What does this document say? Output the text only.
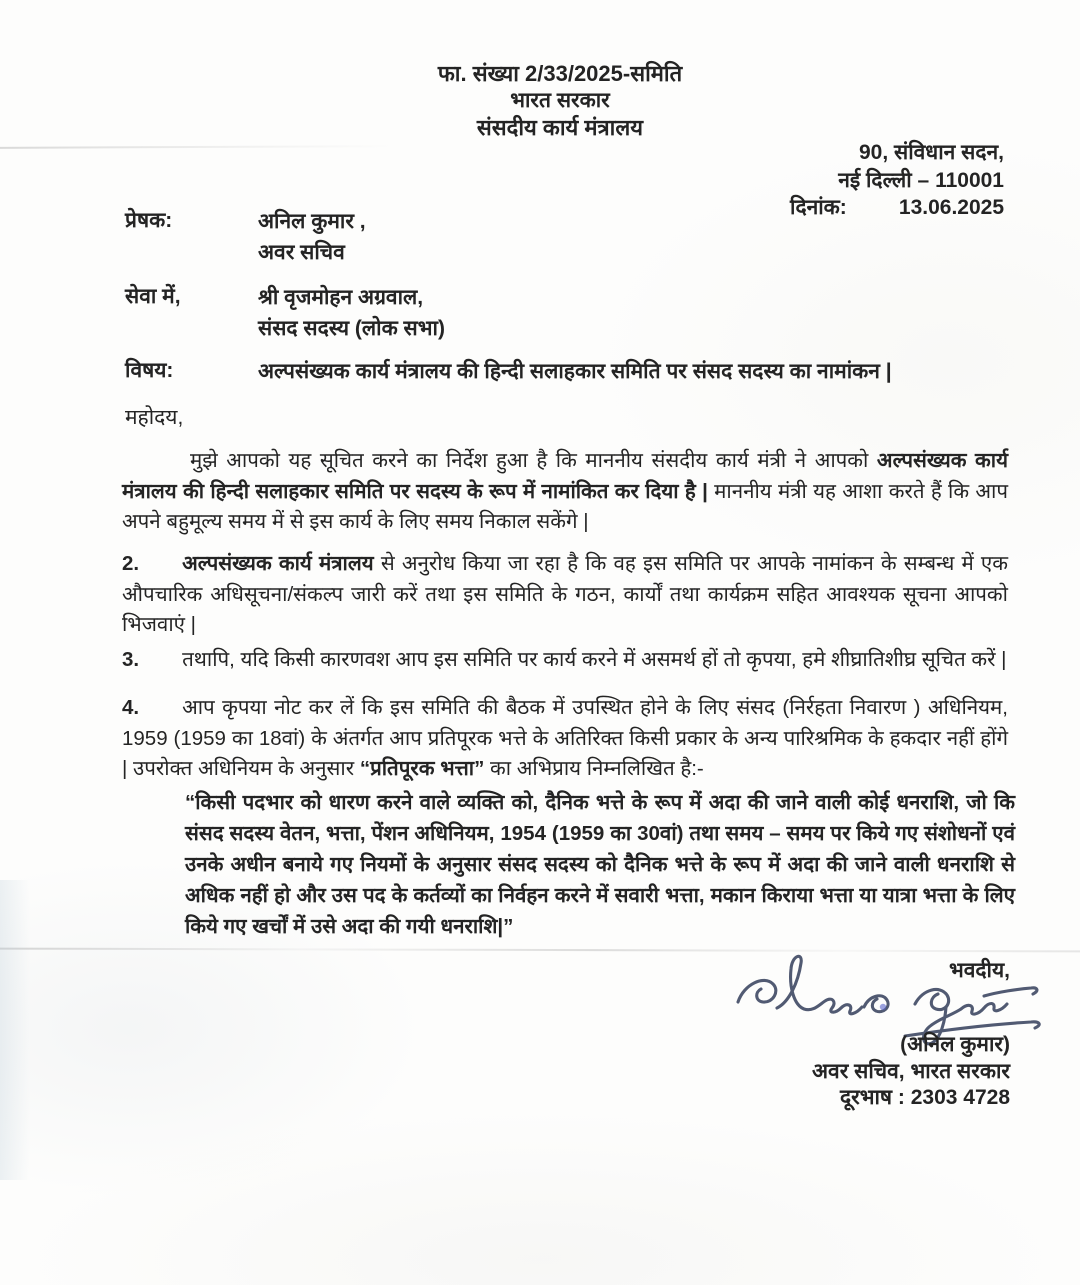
फा. संख्या 2/33/2025-समिति
भारत सरकार
संसदीय कार्य मंत्रालय
90, संविधान सदन,
नई दिल्ली – 110001
दिनांक: 13.06.2025
प्रेषक:	अनिल कुमार ,
अवर सचिव
सेवा में,	श्री वृजमोहन अग्रवाल,
संसद सदस्य (लोक सभा)
विषय:	अल्पसंख्यक कार्य मंत्रालय की हिन्दी सलाहकार समिति पर संसद सदस्य का नामांकन |
महोदय,
मुझे आपको यह सूचित करने का निर्देश हुआ है कि माननीय संसदीय कार्य मंत्री ने आपको अल्पसंख्यक कार्य मंत्रालय की हिन्दी सलाहकार समिति पर सदस्य के रूप में नामांकित कर दिया है | माननीय मंत्री यह आशा करते हैं कि आप अपने बहुमूल्य समय में से इस कार्य के लिए समय निकाल सकेंगे |
2. अल्पसंख्यक कार्य मंत्रालय से अनुरोध किया जा रहा है कि वह इस समिति पर आपके नामांकन के सम्बन्ध में एक औपचारिक अधिसूचना/संकल्प जारी करें तथा इस समिति के गठन, कार्यों तथा कार्यक्रम सहित आवश्यक सूचना आपको भिजवाएं |
3. तथापि, यदि किसी कारणवश आप इस समिति पर कार्य करने में असमर्थ हों तो कृपया, हमे शीघ्रातिशीघ्र सूचित करें |
4. आप कृपया नोट कर लें कि इस समिति की बैठक में उपस्थित होने के लिए संसद (निर्रहता निवारण ) अधिनियम, 1959 (1959 का 18वां) के अंतर्गत आप प्रतिपूरक भत्ते के अतिरिक्त किसी प्रकार के अन्य पारिश्रमिक के हकदार नहीं होंगे | उपरोक्त अधिनियम के अनुसार “प्रतिपूरक भत्ता” का अभिप्राय निम्नलिखित है:-
“किसी पदभार को धारण करने वाले व्यक्ति को, दैनिक भत्ते के रूप में अदा की जाने वाली कोई धनराशि, जो कि संसद सदस्य वेतन, भत्ता, पेंशन अधिनियम, 1954 (1959 का 30वां) तथा समय – समय पर किये गए संशोधनों एवं उनके अधीन बनाये गए नियमों के अनुसार संसद सदस्य को दैनिक भत्ते के रूप में अदा की जाने वाली धनराशि से अधिक नहीं हो और उस पद के कर्तव्यों का निर्वहन करने में सवारी भत्ता, मकान किराया भत्ता या यात्रा भत्ता के लिए किये गए खर्चों में उसे अदा की गयी धनराशि|”
भवदीय,
(अनिल कुमार)
अवर सचिव, भारत सरकार
दूरभाष : 2303 4728
